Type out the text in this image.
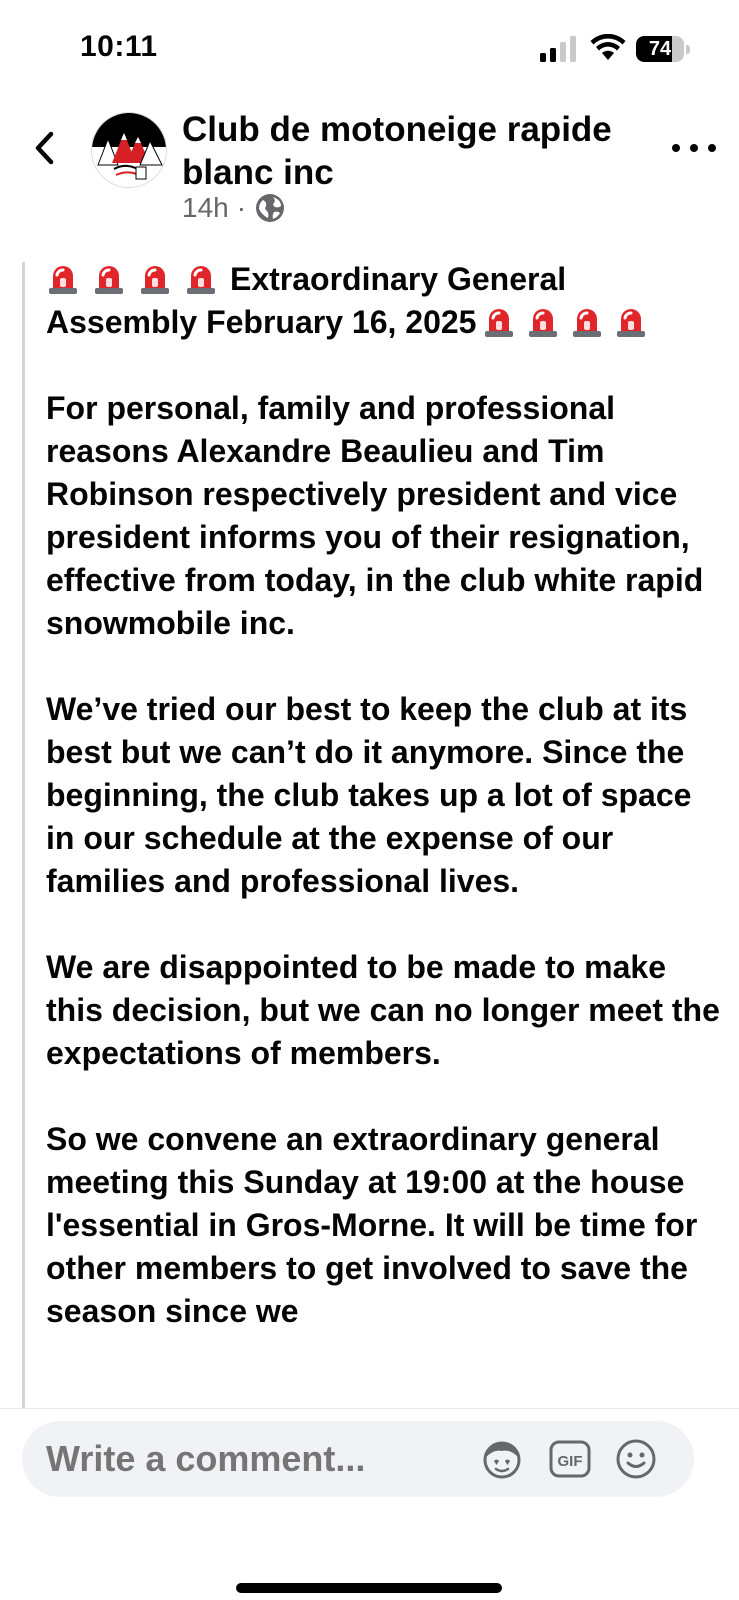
10:11	74
Club de motoneige rapide blanc inc
14h ·
Extraordinary General Assembly February 16, 2025
For personal, family and professional reasons Alexandre Beaulieu and Tim Robinson respectively president and vice president informs you of their resignation, effective from today, in the club white rapid snowmobile inc.
We’ve tried our best to keep the club at its best but we can’t do it anymore. Since the beginning, the club takes up a lot of space in our schedule at the expense of our families and professional lives.
We are disappointed to be made to make this decision, but we can no longer meet the expectations of members.
So we convene an extraordinary general meeting this Sunday at 19:00 at the house l'essential in Gros-Morne. It will be time for other members to get involved to save the season since we
Write a comment...
GIF
